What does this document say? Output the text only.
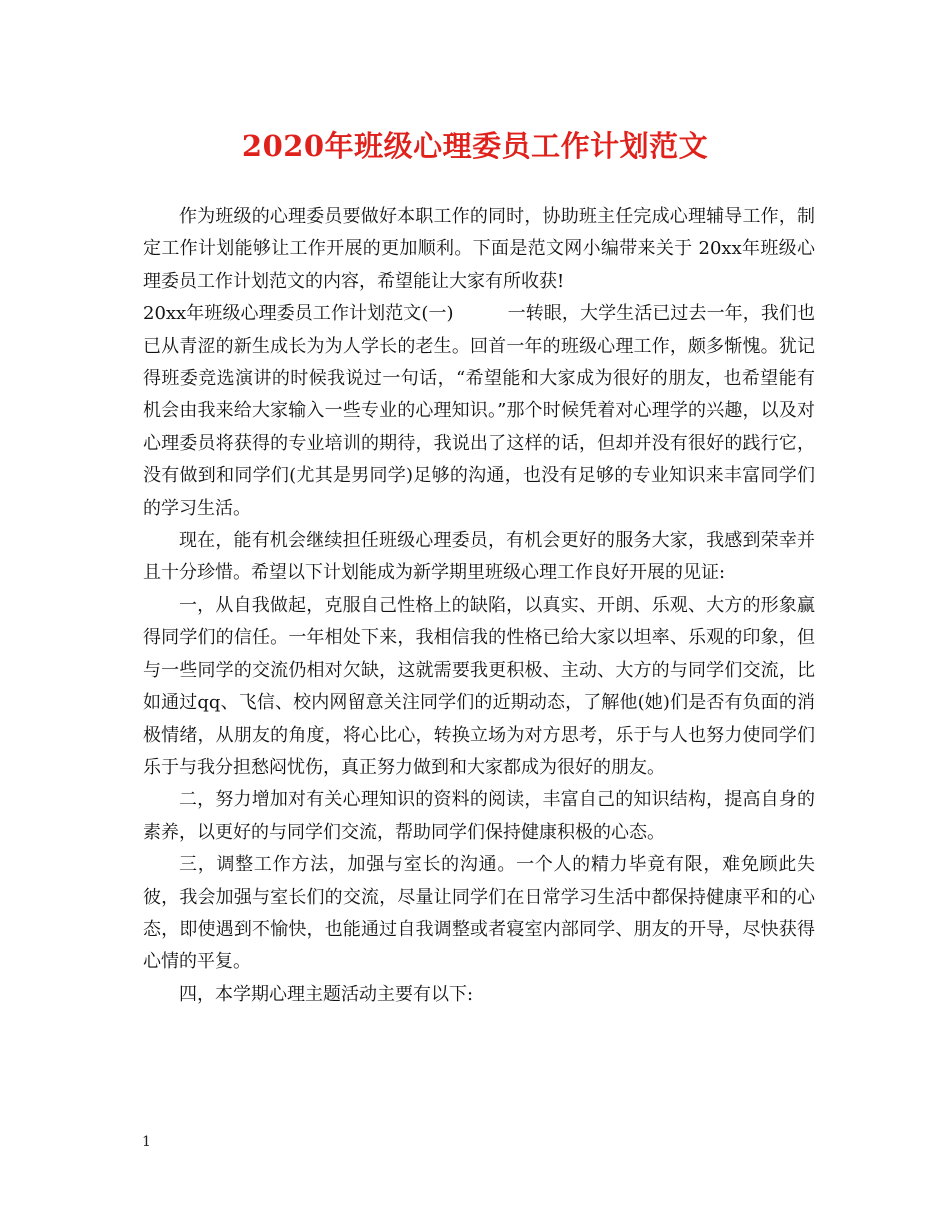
2020年班级心理委员工作计划范文

作为班级的心理委员要做好本职工作的同时，协助班主任完成心理辅导工作，制定工作计划能够让工作开展的更加顺利。下面是范文网小编带来关于 20xx年班级心理委员工作计划范文的内容，希望能让大家有所收获!

20xx年班级心理委员工作计划范文(一)	一转眼，大学生活已过去一年，我们也已从青涩的新生成长为为人学长的老生。回首一年的班级心理工作，颇多惭愧。犹记得班委竞选演讲的时候我说过一句话，“希望能和大家成为很好的朋友，也希望能有机会由我来给大家输入一些专业的心理知识。”那个时候凭着对心理学的兴趣，以及对心理委员将获得的专业培训的期待，我说出了这样的话，但却并没有很好的践行它，没有做到和同学们(尤其是男同学)足够的沟通，也没有足够的专业知识来丰富同学们的学习生活。

现在，能有机会继续担任班级心理委员，有机会更好的服务大家，我感到荣幸并且十分珍惜。希望以下计划能成为新学期里班级心理工作良好开展的见证:

一，从自我做起，克服自己性格上的缺陷，以真实、开朗、乐观、大方的形象赢得同学们的信任。一年相处下来，我相信我的性格已给大家以坦率、乐观的印象，但与一些同学的交流仍相对欠缺，这就需要我更积极、主动、大方的与同学们交流，比如通过qq、飞信、校内网留意关注同学们的近期动态，了解他(她)们是否有负面的消极情绪，从朋友的角度，将心比心，转换立场为对方思考，乐于与人也努力使同学们乐于与我分担愁闷忧伤，真正努力做到和大家都成为很好的朋友。

二，努力增加对有关心理知识的资料的阅读，丰富自己的知识结构，提高自身的素养，以更好的与同学们交流，帮助同学们保持健康积极的心态。

三，调整工作方法，加强与室长的沟通。一个人的精力毕竟有限，难免顾此失彼，我会加强与室长们的交流，尽量让同学们在日常学习生活中都保持健康平和的心态，即使遇到不愉快，也能通过自我调整或者寝室内部同学、朋友的开导，尽快获得心情的平复。

四，本学期心理主题活动主要有以下:

1
